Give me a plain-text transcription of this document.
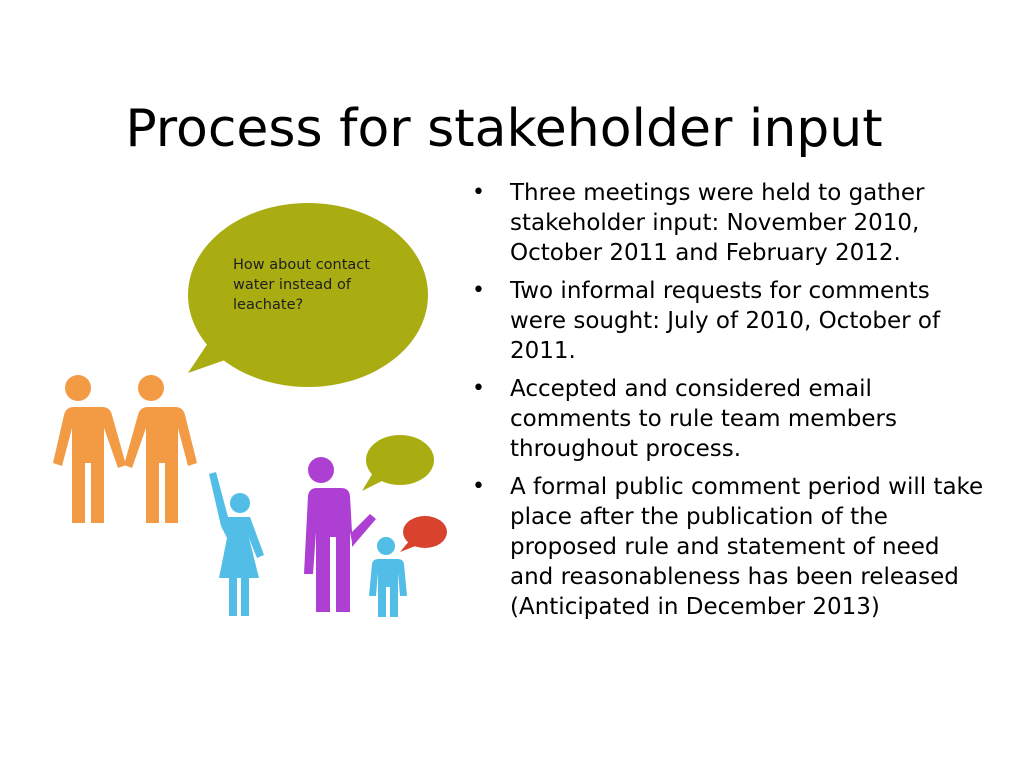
Process for stakeholder input
How about contact water instead of leachate?
• Three meetings were held to gather stakeholder input: November 2010, October 2011 and February 2012.
• Two informal requests for comments were sought: July of 2010, October of 2011.
• Accepted and considered email comments to rule team members throughout process.
• A formal public comment period will take place after the publication of the proposed rule and statement of need and reasonableness has been released (Anticipated in December 2013)
